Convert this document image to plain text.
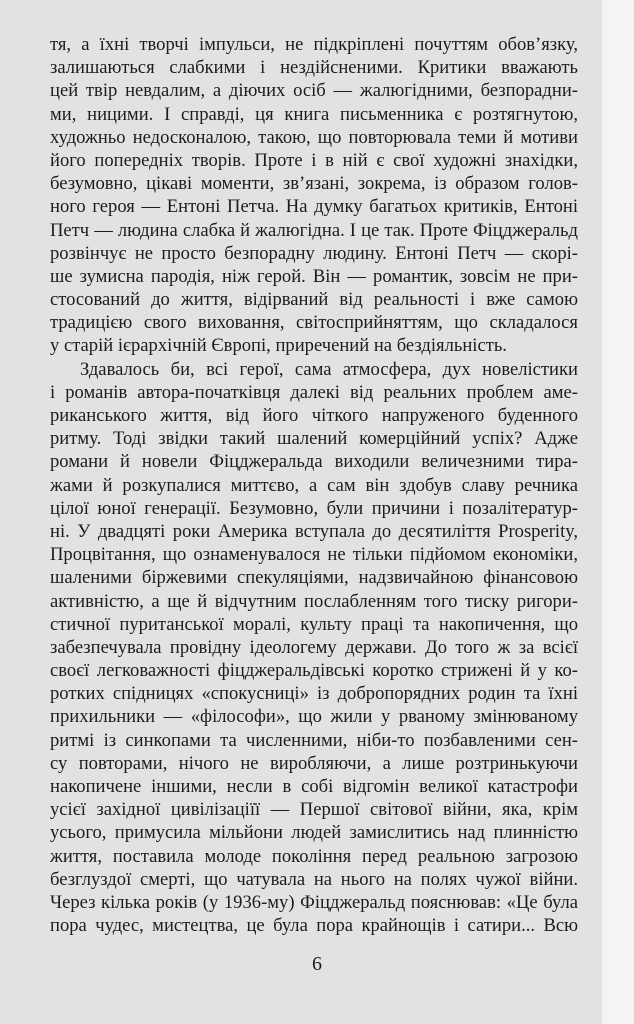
тя, а їхні творчі імпульси, не підкріплені почуттям обов’язку,
залишаються слабкими і нездійсненими. Критики вважають
цей твір невдалим, а діючих осіб — жалюгідними, безпорадни-
ми, ницими. І справді, ця книга письменника є розтягнутою,
художньо недосконалою, такою, що повторювала теми й мотиви
його попередніх творів. Проте і в ній є свої художні знахідки,
безумовно, цікаві моменти, зв’язані, зокрема, із образом голов-
ного героя — Ентоні Петча. На думку багатьох критиків, Ентоні
Петч — людина слабка й жалюгідна. І це так. Проте Фіцджеральд
розвінчує не просто безпорадну людину. Ентоні Петч — скорі-
ше зумисна пародія, ніж герой. Він — романтик, зовсім не при-
стосований до життя, відірваний від реальності і вже самою
традицією свого виховання, світосприйняттям, що складалося
у старій ієрархічній Європі, приречений на бездіяльність.
Здавалось би, всі герої, сама атмосфера, дух новелістики
і романів автора-початківця далекі від реальних проблем аме-
риканського життя, від його чіткого напруженого буденного
ритму. Тоді звідки такий шалений комерційний успіх? Адже
романи й новели Фіцджеральда виходили величезними тира-
жами й розкупалися миттєво, а сам він здобув славу речника
цілої юної генерації. Безумовно, були причини і позалітератур-
ні. У двадцяті роки Америка вступала до десятиліття Prosperity,
Процвітання, що ознаменувалося не тільки підйомом економіки,
шаленими біржевими спекуляціями, надзвичайною фінансовою
активністю, а ще й відчутним послабленням того тиску ригори-
стичної пуританської моралі, культу праці та накопичення, що
забезпечувала провідну ідеологему держави. До того ж за всієї
своєї легковажності фіцджеральдівські коротко стрижені й у ко-
ротких спідницях «спокусниці» із добропорядних родин та їхні
прихильники — «філософи», що жили у рваному змінюваному
ритмі із синкопами та численними, ніби-то позбавленими сен-
су повторами, нічого не виробляючи, а лише розтринькуючи
накопичене іншими, несли в собі відгомін великої катастрофи
усієї західної цивілізаціїї — Першої світової війни, яка, крім
усього, примусила мільйони людей замислитись над плинністю
життя, поставила молоде покоління перед реальною загрозою
безглуздої смерті, що чатувала на нього на полях чужої війни.
Через кілька років (у 1936-му) Фіцджеральд пояснював: «Це була
пора чудес, мистецтва, це була пора крайнощів і сатири... Всю
6
